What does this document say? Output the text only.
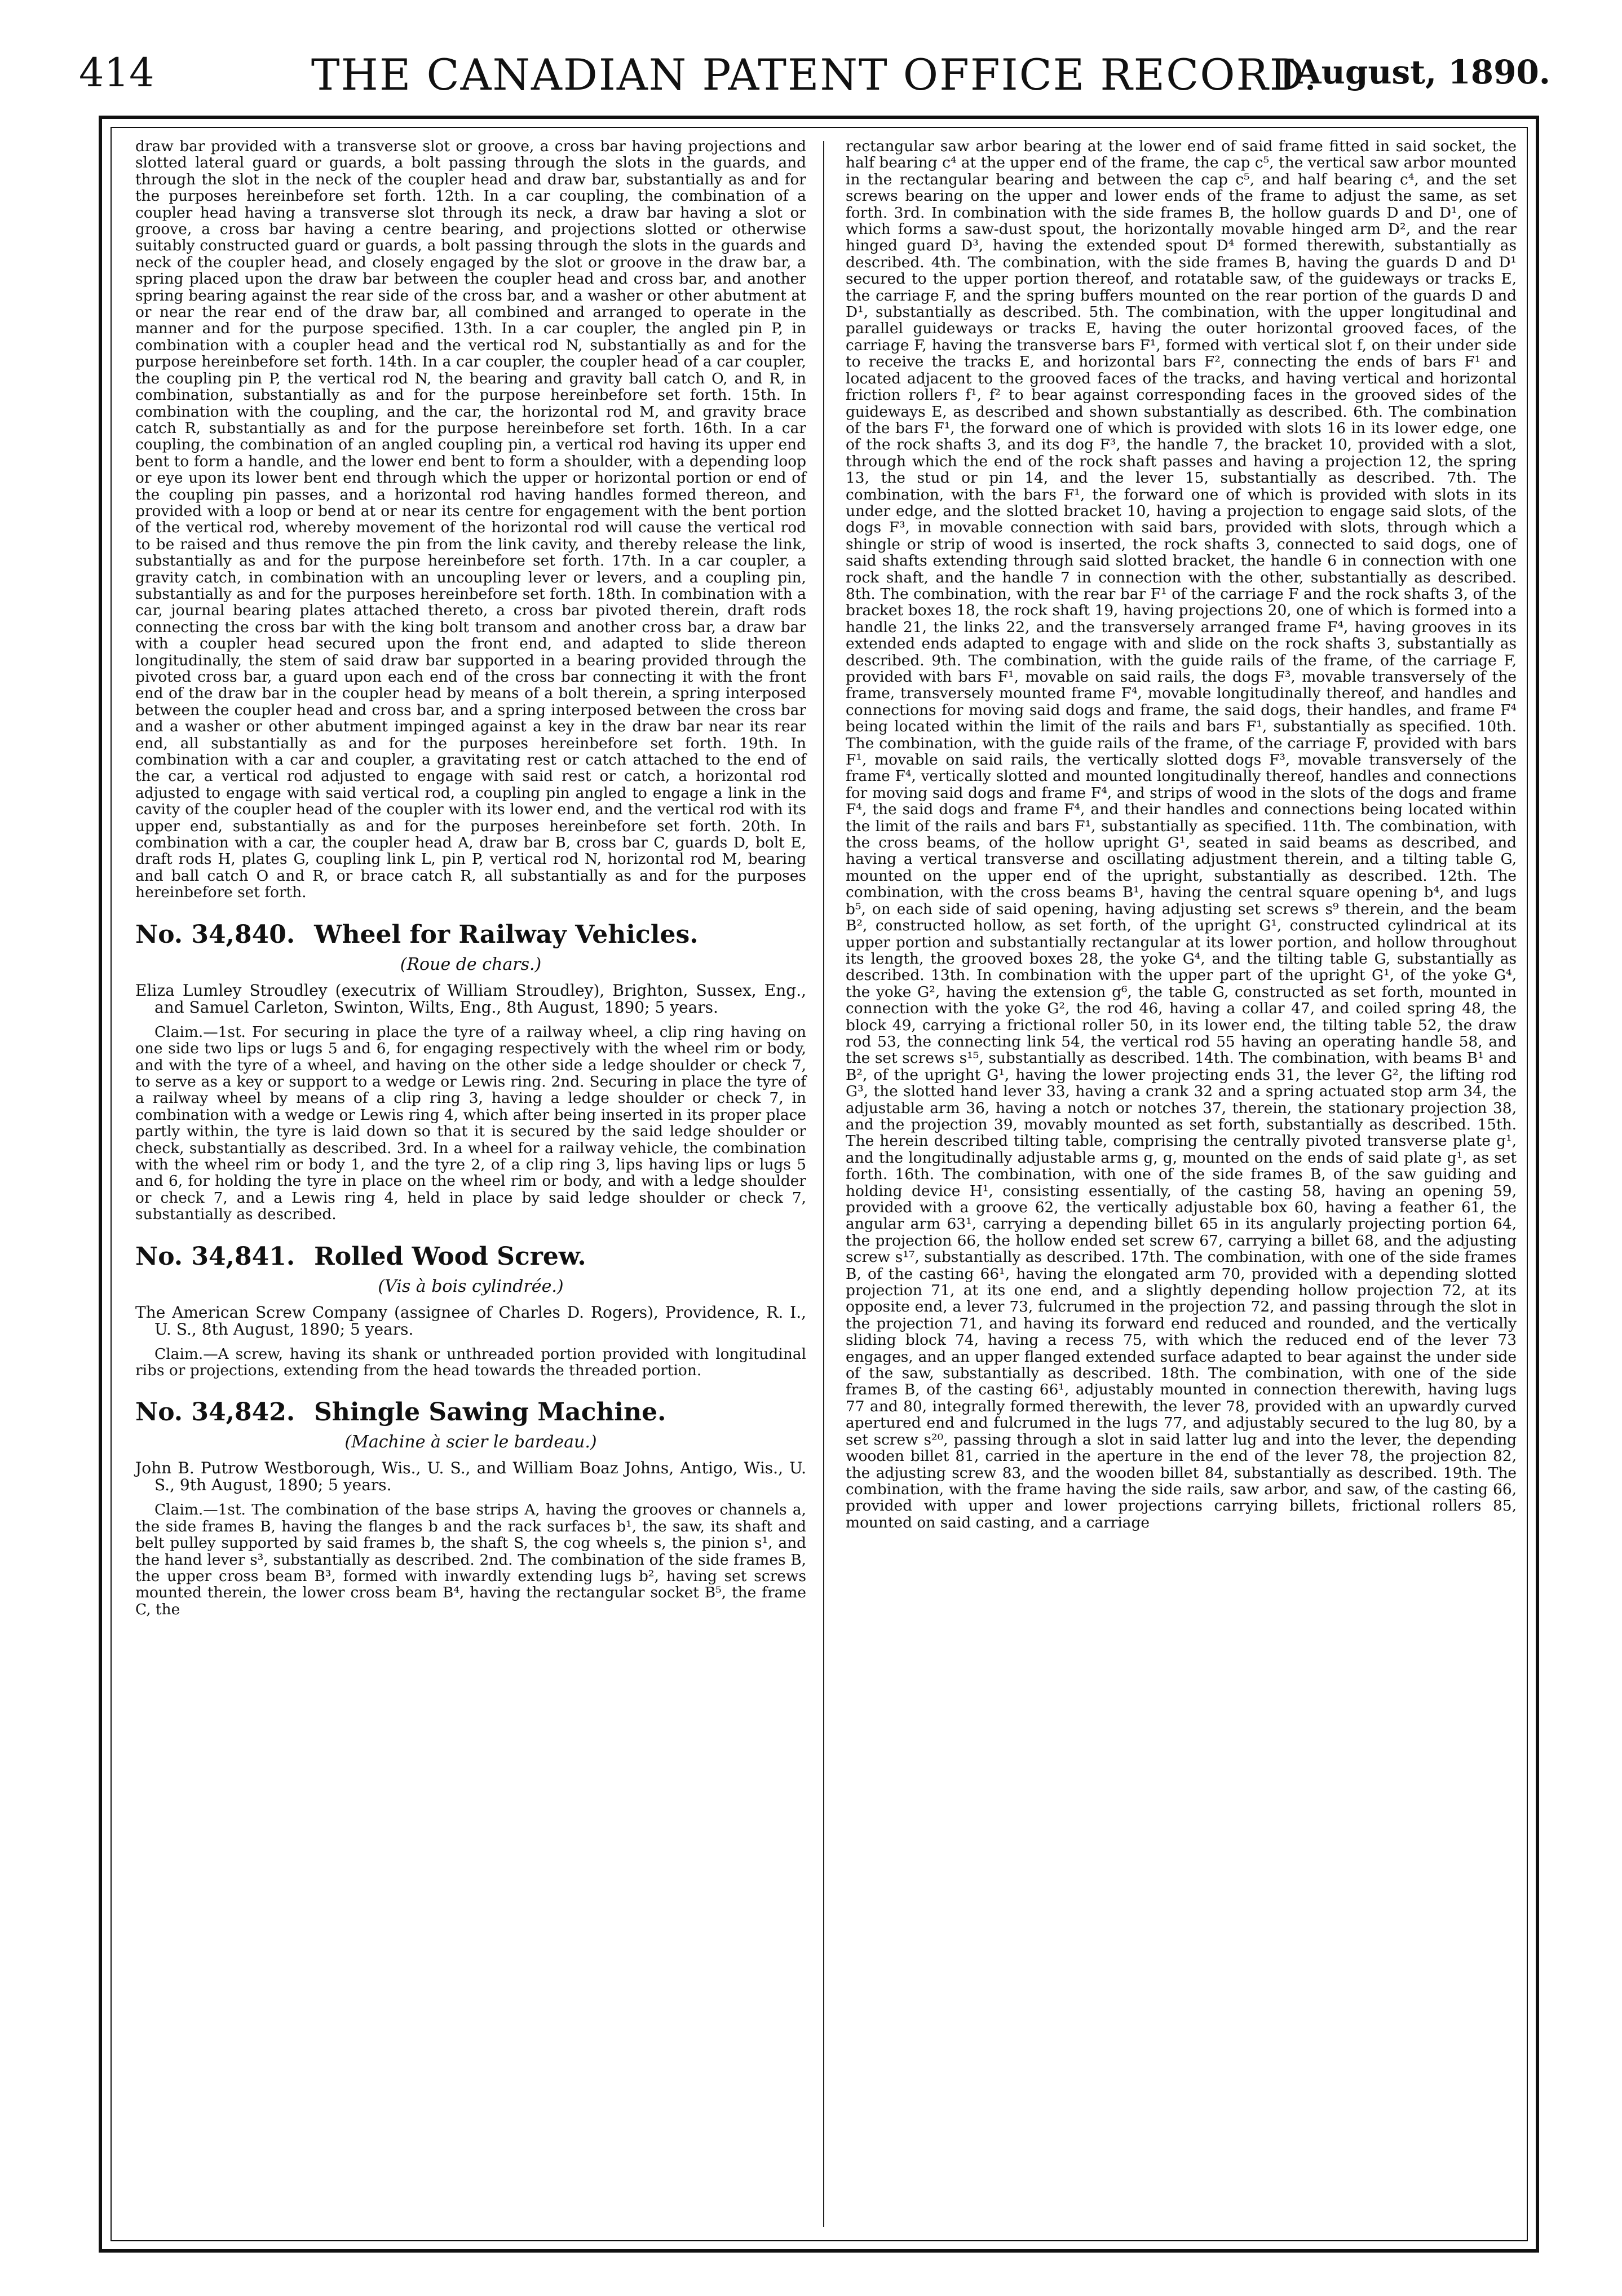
414	THE CANADIAN PATENT OFFICE RECORD.
[August, 1890.

draw bar provided with a transverse slot or groove, a cross bar having projections and slotted lateral guard or guards, a bolt passing through the slots in the guards, and through the slot in the neck of the coupler head and draw bar, substantially as and for the purposes hereinbefore set forth. 12th. In a car coupling, the combination of a coupler head having a transverse slot through its neck, a draw bar having a slot or groove, a cross bar having a centre bearing, and projections slotted or otherwise suitably constructed guard or guards, a bolt passing through the slots in the guards and neck of the coupler head, and closely engaged by the slot or groove in the draw bar, a spring placed upon the draw bar between the coupler head and cross bar, and another spring bearing against the rear side of the cross bar, and a washer or other abutment at or near the rear end of the draw bar, all combined and arranged to operate in the manner and for the purpose specified. 13th. In a car coupler, the angled pin P, in combination with a coupler head and the vertical rod N, substantially as and for the purpose hereinbefore set forth. 14th. In a car coupler, the coupler head of a car coupler, the coupling pin P, the vertical rod N, the bearing and gravity ball catch O, and R, in combination, substantially as and for the purpose hereinbefore set forth. 15th. In combination with the coupling, and the car, the horizontal rod M, and gravity brace catch R, substantially as and for the purpose hereinbefore set forth. 16th. In a car coupling, the combination of an angled coupling pin, a vertical rod having its upper end bent to form a handle, and the lower end bent to form a shoulder, with a depending loop or eye upon its lower bent end through which the upper or horizontal portion or end of the coupling pin passes, and a horizontal rod having handles formed thereon, and provided with a loop or bend at or near its centre for engagement with the bent portion of the vertical rod, whereby movement of the horizontal rod will cause the vertical rod to be raised and thus remove the pin from the link cavity, and thereby release the link, substantially as and for the purpose hereinbefore set forth. 17th. In a car coupler, a gravity catch, in combination with an uncoupling lever or levers, and a coupling pin, substantially as and for the purposes hereinbefore set forth. 18th. In combination with a car, journal bearing plates attached thereto, a cross bar pivoted therein, draft rods connecting the cross bar with the king bolt transom and another cross bar, a draw bar with a coupler head secured upon the front end, and adapted to slide thereon longitudinally, the stem of said draw bar supported in a bearing provided through the pivoted cross bar, a guard upon each end of the cross bar connecting it with the front end of the draw bar in the coupler head by means of a bolt therein, a spring interposed between the coupler head and cross bar, and a spring interposed between the cross bar and a washer or other abutment impinged against a key in the draw bar near its rear end, all substantially as and for the purposes hereinbefore set forth. 19th. In combination with a car and coupler, a gravitating rest or catch attached to the end of the car, a vertical rod adjusted to engage with said rest or catch, a horizontal rod adjusted to engage with said vertical rod, a coupling pin angled to engage a link in the cavity of the coupler head of the coupler with its lower end, and the vertical rod with its upper end, substantially as and for the purposes hereinbefore set forth. 20th. In combination with a car, the coupler head A, draw bar B, cross bar C, guards D, bolt E, draft rods H, plates G, coupling link L, pin P, vertical rod N, horizontal rod M, bearing and ball catch O and R, or brace catch R, all substantially as and for the purposes hereinbefore set forth.

No. 34,840. Wheel for Railway Vehicles.
(Roue de chars.)

Eliza Lumley Stroudley (executrix of William Stroudley), Brighton, Sussex, Eng., and Samuel Carleton, Swinton, Wilts, Eng., 8th August, 1890; 5 years.

Claim.—1st. For securing in place the tyre of a railway wheel, a clip ring having on one side two lips or lugs 5 and 6, for engaging respectively with the wheel rim or body, and with the tyre of a wheel, and having on the other side a ledge shoulder or check 7, to serve as a key or support to a wedge or Lewis ring. 2nd. Securing in place the tyre of a railway wheel by means of a clip ring 3, having a ledge shoulder or check 7, in combination with a wedge or Lewis ring 4, which after being inserted in its proper place partly within, the tyre is laid down so that it is secured by the said ledge shoulder or check, substantially as described. 3rd. In a wheel for a railway vehicle, the combination with the wheel rim or body 1, and the tyre 2, of a clip ring 3, lips having lips or lugs 5 and 6, for holding the tyre in place on the wheel rim or body, and with a ledge shoulder or check 7, and a Lewis ring 4, held in place by said ledge shoulder or check 7, substantially as described.

No. 34,841. Rolled Wood Screw.
(Vis à bois cylindrée.)

The American Screw Company (assignee of Charles D. Rogers), Providence, R. I., U. S., 8th August, 1890; 5 years.

Claim.—A screw, having its shank or unthreaded portion provided with longitudinal ribs or projections, extending from the head towards the threaded portion.

No. 34,842. Shingle Sawing Machine.
(Machine à scier le bardeau.)

John B. Putrow Westborough, Wis., U. S., and William Boaz Johns, Antigo, Wis., U. S., 9th August, 1890; 5 years.

Claim.—1st. The combination of the base strips A, having the grooves or channels a, the side frames B, having the flanges b and the rack surfaces b¹, the saw, its shaft and belt pulley supported by said frames b, the shaft S, the cog wheels s, the pinion s¹, and the hand lever s³, substantially as described. 2nd. The combination of the side frames B, the upper cross beam B³, formed with inwardly extending lugs b², having set screws mounted therein, the lower cross beam B⁴, having the rectangular socket B⁵, the frame C, the

rectangular saw arbor bearing at the lower end of said frame fitted in said socket, the half bearing c⁴ at the upper end of the frame, the cap c⁵, the vertical saw arbor mounted in the rectangular bearing and between the cap c⁵, and half bearing c⁴, and the set screws bearing on the upper and lower ends of the frame to adjust the same, as set forth. 3rd. In combination with the side frames B, the hollow guards D and D¹, one of which forms a saw-dust spout, the horizontally movable hinged arm D², and the rear hinged guard D³, having the extended spout D⁴ formed therewith, substantially as described. 4th. The combination, with the side frames B, having the guards D and D¹ secured to the upper portion thereof, and rotatable saw, of the guideways or tracks E, the carriage F, and the spring buffers mounted on the rear portion of the guards D and D¹, substantially as described. 5th. The combination, with the upper longitudinal and parallel guideways or tracks E, having the outer horizontal grooved faces, of the carriage F, having the transverse bars F¹, formed with vertical slot f, on their under side to receive the tracks E, and horizontal bars F², connecting the ends of bars F¹ and located adjacent to the grooved faces of the tracks, and having vertical and horizontal friction rollers f¹, f² to bear against corresponding faces in the grooved sides of the guideways E, as described and shown substantially as described. 6th. The combination of the bars F¹, the forward one of which is provided with slots 16 in its lower edge, one of the rock shafts 3, and its dog F³, the handle 7, the bracket 10, provided with a slot, through which the end of the rock shaft passes and having a projection 12, the spring 13, the stud or pin 14, and the lever 15, substantially as described. 7th. The combination, with the bars F¹, the forward one of which is provided with slots in its under edge, and the slotted bracket 10, having a projection to engage said slots, of the dogs F³, in movable connection with said bars, provided with slots, through which a shingle or strip of wood is inserted, the rock shafts 3, connected to said dogs, one of said shafts extending through said slotted bracket, the handle 6 in connection with one rock shaft, and the handle 7 in connection with the other, substantially as described. 8th. The combination, with the rear bar F¹ of the carriage F and the rock shafts 3, of the bracket boxes 18, the rock shaft 19, having projections 20, one of which is formed into a handle 21, the links 22, and the transversely arranged frame F⁴, having grooves in its extended ends adapted to engage with and slide on the rock shafts 3, substantially as described. 9th. The combination, with the guide rails of the frame, of the carriage F, provided with bars F¹, movable on said rails, the dogs F³, movable transversely of the frame, transversely mounted frame F⁴, movable longitudinally thereof, and handles and connections for moving said dogs and frame, the said dogs, their handles, and frame F⁴ being located within the limit of the rails and bars F¹, substantially as specified. 10th. The combination, with the guide rails of the frame, of the carriage F, provided with bars F¹, movable on said rails, the vertically slotted dogs F³, movable transversely of the frame F⁴, vertically slotted and mounted longitudinally thereof, handles and connections for moving said dogs and frame F⁴, and strips of wood in the slots of the dogs and frame F⁴, the said dogs and frame F⁴, and their handles and connections being located within the limit of the rails and bars F¹, substantially as specified. 11th. The combination, with the cross beams, of the hollow upright G¹, seated in said beams as described, and having a vertical transverse and oscillating adjustment therein, and a tilting table G, mounted on the upper end of the upright, substantially as described. 12th. The combination, with the cross beams B¹, having the central square opening b⁴, and lugs b⁵, on each side of said opening, having adjusting set screws s⁹ therein, and the beam B², constructed hollow, as set forth, of the upright G¹, constructed cylindrical at its upper portion and substantially rectangular at its lower portion, and hollow throughout its length, the grooved boxes 28, the yoke G⁴, and the tilting table G, substantially as described. 13th. In combination with the upper part of the upright G¹, of the yoke G⁴, the yoke G², having the extension g⁶, the table G, constructed as set forth, mounted in connection with the yoke G², the rod 46, having a collar 47, and coiled spring 48, the block 49, carrying a frictional roller 50, in its lower end, the tilting table 52, the draw rod 53, the connecting link 54, the vertical rod 55 having an operating handle 58, and the set screws s¹⁵, substantially as described. 14th. The combination, with beams B¹ and B², of the upright G¹, having the lower projecting ends 31, the lever G², the lifting rod G³, the slotted hand lever 33, having a crank 32 and a spring actuated stop arm 34, the adjustable arm 36, having a notch or notches 37, therein, the stationary projection 38, and the projection 39, movably mounted as set forth, substantially as described. 15th. The herein described tilting table, comprising the centrally pivoted transverse plate g¹, and the longitudinally adjustable arms g, g, mounted on the ends of said plate g¹, as set forth. 16th. The combination, with one of the side frames B, of the saw guiding and holding device H¹, consisting essentially, of the casting 58, having an opening 59, provided with a groove 62, the vertically adjustable box 60, having a feather 61, the angular arm 63¹, carrying a depending billet 65 in its angularly projecting portion 64, the projection 66, the hollow ended set screw 67, carrying a billet 68, and the adjusting screw s¹⁷, substantially as described. 17th. The combination, with one of the side frames B, of the casting 66¹, having the elongated arm 70, provided with a depending slotted projection 71, at its one end, and a slightly depending hollow projection 72, at its opposite end, a lever 73, fulcrumed in the projection 72, and passing through the slot in the projection 71, and having its forward end reduced and rounded, and the vertically sliding block 74, having a recess 75, with which the reduced end of the lever 73 engages, and an upper flanged extended surface adapted to bear against the under side of the saw, substantially as described. 18th. The combination, with one of the side frames B, of the casting 66¹, adjustably mounted in connection therewith, having lugs 77 and 80, integrally formed therewith, the lever 78, provided with an upwardly curved apertured end and fulcrumed in the lugs 77, and adjustably secured to the lug 80, by a set screw s²⁰, passing through a slot in said latter lug and into the lever, the depending wooden billet 81, carried in the aperture in the end of the lever 78, the projection 82, the adjusting screw 83, and the wooden billet 84, substantially as described. 19th. The combination, with the frame having the side rails, saw arbor, and saw, of the casting 66, provided with upper and lower projections carrying billets, frictional rollers 85, mounted on said casting, and a carriage
